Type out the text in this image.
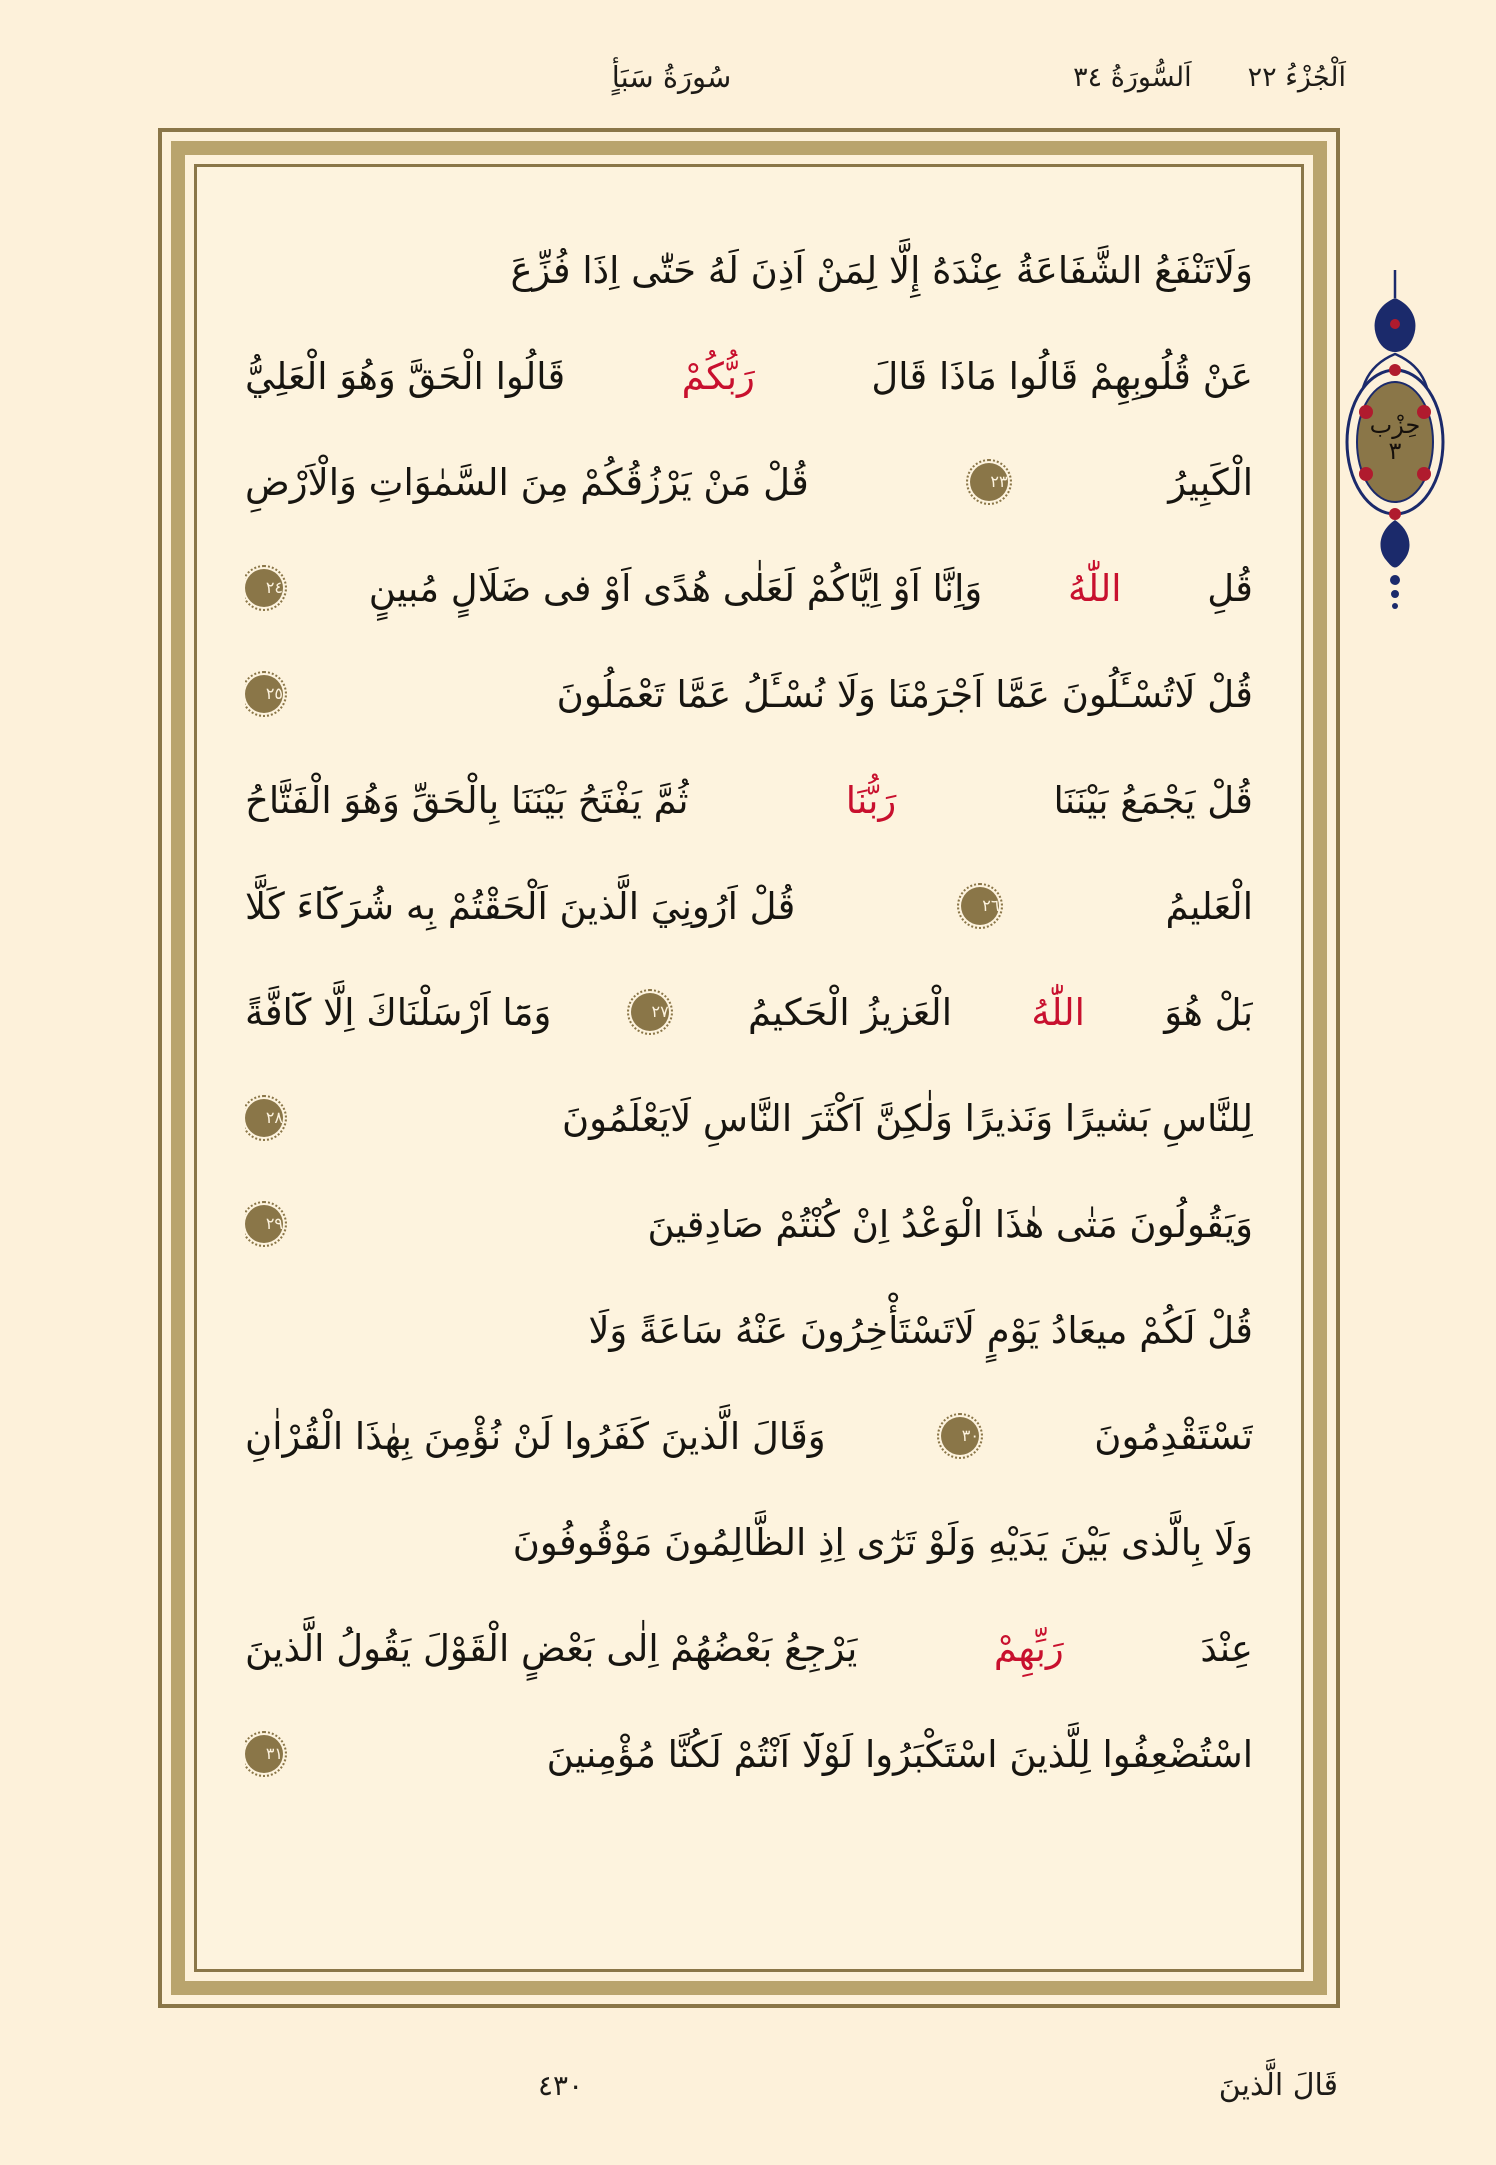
اَلْجُزْءُ ٢٢
اَلسُّورَةُ ٣٤
سُورَةُ سَبَأٍ
حِزْب
٣
وَلَاتَنْفَعُ الشَّفَاعَةُ عِنْدَهُ إِلَّا لِمَنْ اَذِنَ لَهُ حَتّٰى اِذَا فُزِّعَ
عَنْ قُلُوبِهِمْ قَالُوا مَاذَا قَالَ
رَبُّكُمْ
قَالُوا الْحَقَّ وَهُوَ الْعَلِيُّ
الْكَبِيرُ
٢٣
قُلْ مَنْ يَرْزُقُكُمْ مِنَ السَّمٰوَاتِ وَالْاَرْضِ
قُلِ
اللّٰهُ
وَاِنَّا اَوْ اِيَّاكُمْ لَعَلٰى هُدًى اَوْ فى ضَلَالٍ مُبينٍ
٢٤
قُلْ لَاتُسْـَٔلُونَ عَمَّا اَجْرَمْنَا وَلَا نُسْـَٔلُ عَمَّا تَعْمَلُونَ
٢٥
قُلْ يَجْمَعُ بَيْنَنَا
رَبُّنَا
ثُمَّ يَفْتَحُ بَيْنَنَا بِالْحَقِّ وَهُوَ الْفَتَّاحُ
الْعَليمُ
٢٦
قُلْ اَرُونِيَ الَّذينَ اَلْحَقْتُمْ بِه شُرَكَٓاءَ كَلَّا
بَلْ هُوَ
اللّٰهُ
الْعَزيزُ الْحَكيمُ
٢٧
وَمَٓا اَرْسَلْنَاكَ اِلَّا كَٓافَّةً
لِلنَّاسِ بَشيرًا وَنَذيرًا وَلٰكِنَّ اَكْثَرَ النَّاسِ لَايَعْلَمُونَ
٢٨
وَيَقُولُونَ مَتٰى هٰذَا الْوَعْدُ اِنْ كُنْتُمْ صَادِقينَ
٢٩
قُلْ لَكُمْ ميعَادُ يَوْمٍ لَاتَسْتَأْخِرُونَ عَنْهُ سَاعَةً وَلَا
تَسْتَقْدِمُونَ
٣٠
وَقَالَ الَّذينَ كَفَرُوا لَنْ نُؤْمِنَ بِهٰذَا الْقُرْاٰنِ
وَلَا بِالَّذى بَيْنَ يَدَيْهِ وَلَوْ تَرٰٓى اِذِ الظَّالِمُونَ مَوْقُوفُونَ
عِنْدَ
رَبِّهِمْ
يَرْجِعُ بَعْضُهُمْ اِلٰى بَعْضٍ الْقَوْلَ يَقُولُ الَّذينَ
اسْتُضْعِفُوا لِلَّذينَ اسْتَكْبَرُوا لَوْلَٓا اَنْتُمْ لَكُنَّا مُؤْمِنينَ
٣١
قَالَ الَّذينَ
٤٣٠
